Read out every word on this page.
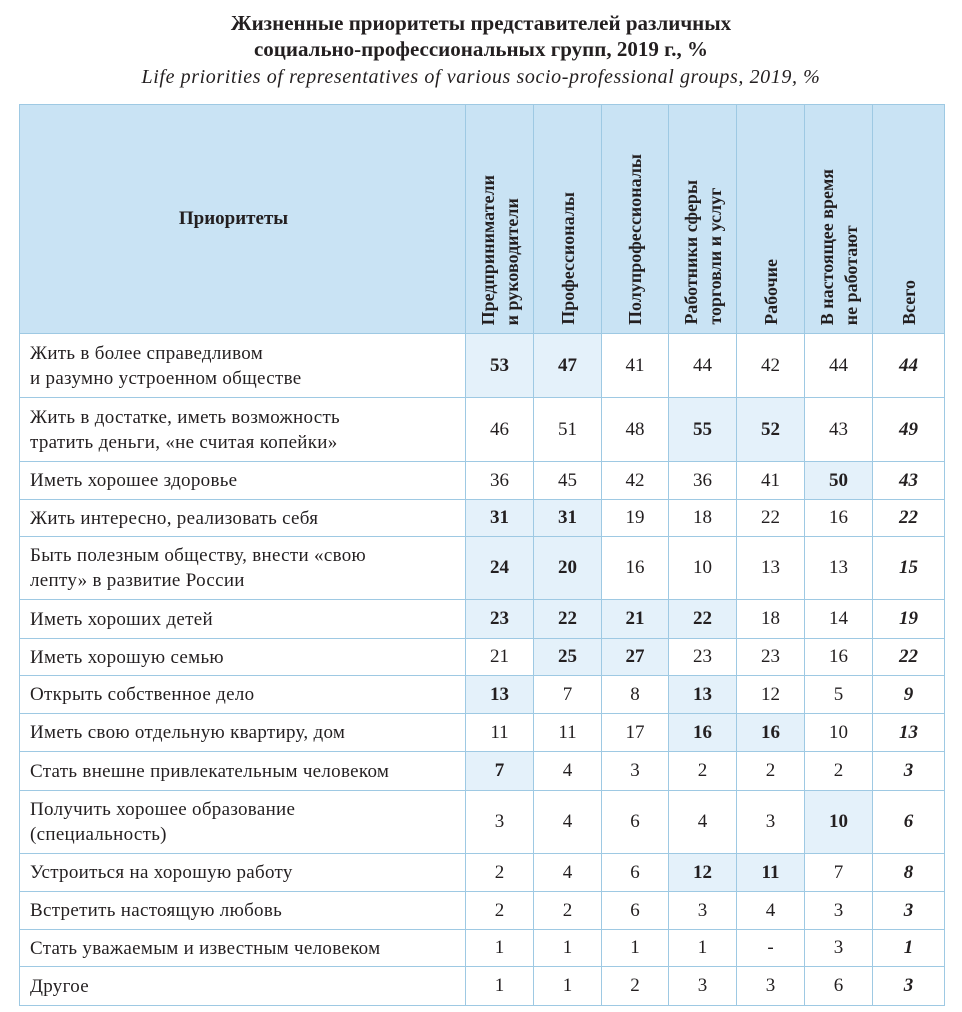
Жизненные приоритеты представителей различных
социально-профессиональных групп, 2019 г., %
Life priorities of representatives of various socio-professional groups, 2019, %
Приоритеты	Предприниматели
и руководители	Профессионалы	Полупрофессионалы	Работники сферы
торговли и услуг	Рабочие	В настоящее время
не работают	Всего

Жить в более справедливом
и разумно устроенном обществе	53	47	41	44	42	44	44
Жить в достатке, иметь возможность
тратить деньги, «не считая копейки»	46	51	48	55	52	43	49
Иметь хорошее здоровье	36	45	42	36	41	50	43
Жить интересно, реализовать себя	31	31	19	18	22	16	22
Быть полезным обществу, внести «свою
лепту» в развитие России	24	20	16	10	13	13	15
Иметь хороших детей	23	22	21	22	18	14	19
Иметь хорошую семью	21	25	27	23	23	16	22
Открыть собственное дело	13	7	8	13	12	5	9
Иметь свою отдельную квартиру, дом	11	11	17	16	16	10	13
Стать внешне привлекательным человеком	7	4	3	2	2	2	3
Получить хорошее образование
(специальность)	3	4	6	4	3	10	6
Устроиться на хорошую работу	2	4	6	12	11	7	8
Встретить настоящую любовь	2	2	6	3	4	3	3
Стать уважаемым и известным человеком	1	1	1	1	-	3	1
Другое	1	1	2	3	3	6	3
